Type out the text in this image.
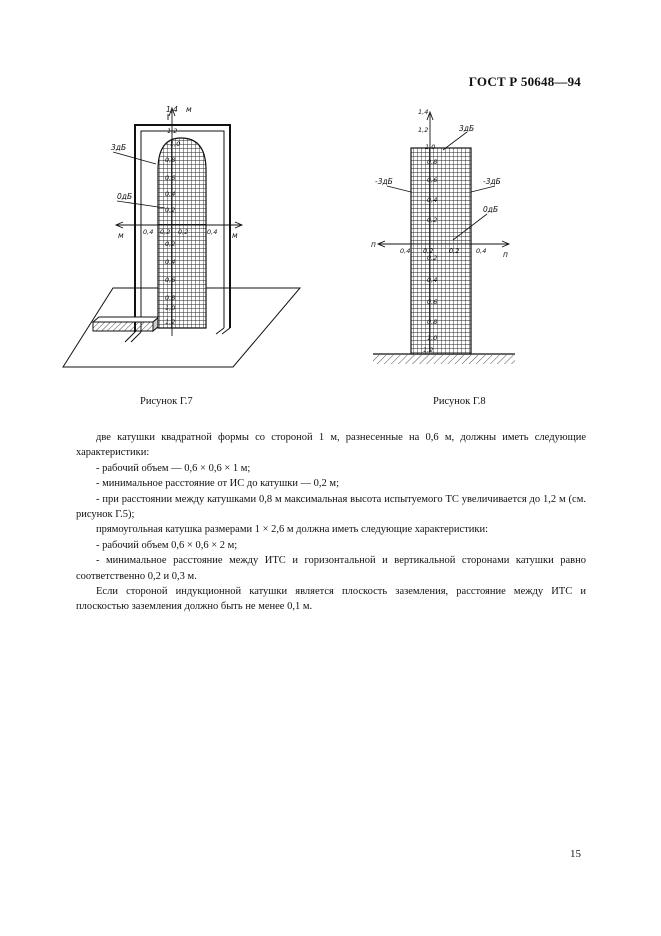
ГОСТ Р 50648—94
1,4 м
1,2
1,0
м	м
0,4 0,2 0,2	0,4
0,8
0,6
0,4
0,2
0,2
0,4
0,6
0,8
1,0
1,2
3дБ
0дБ
1,4
1,2
1,0
п
п
0,4 0,2 0,2	0,4
1,2
0,8
0,6
0,4
0,2
0,2
0,4
0,6
0,8
1,0
3дБ
-3дБ	-3дБ
0дБ
Рисунок Г.7	Рисунок Г.8

две катушки квадратной формы со стороной 1 м, разнесенные на 0,6 м, должны иметь следующие характеристики:

- рабочий объем — 0,6 × 0,6 × 1 м;

- минимальное расстояние от ИС до катушки — 0,2 м;

- при расстоянии между катушками 0,8 м максимальная высота испытуемого ТС увеличивается до 1,2 м (см. рисунок Г.5);

прямоугольная катушка размерами 1 × 2,6 м должна иметь следующие характеристики:

- рабочий объем 0,6 × 0,6 × 2 м;

- минимальное расстояние между ИТС и горизонтальной и вертикальной сторонами катушки равно соответственно 0,2 и 0,3 м.

Если стороной индукционной катушки является плоскость заземления, расстояние между ИТС и плоскостью заземления должно быть не менее 0,1 м.

15
